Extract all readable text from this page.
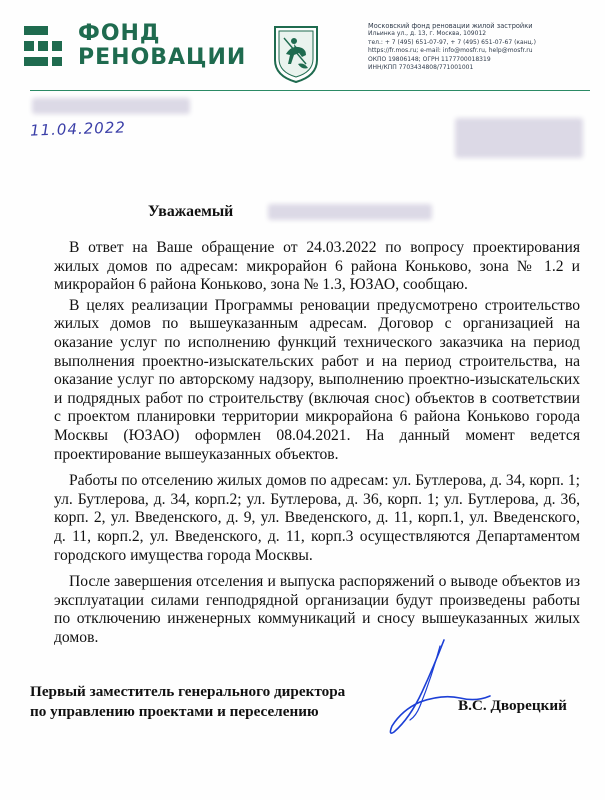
ФОНД
РЕНОВАЦИИ
Московский фонд реновации жилой застройки
Ильинка ул., д. 13, г. Москва, 109012
тел.: + 7 (495) 651-07-97, + 7 (495) 651-07-67 (канц.)
https://fr.mos.ru; e-mail: info@mosfr.ru, help@mosfr.ru
ОКПО 19806148; ОГРН 1177700018319
ИНН/КПП 7703434808/771001001
11.04.2022
Уважаемый

В ответ на Ваше обращение от 24.03.2022 по вопросу проектирования жилых домов по адресам: микрорайон 6 района Коньково, зона № 1.2 и микрорайон 6 района Коньково, зона № 1.3, ЮЗАО, сообщаю.

В целях реализации Программы реновации предусмотрено строительство жилых домов по вышеуказанным адресам. Договор с организацией на оказание услуг по исполнению функций технического заказчика на период выполнения проектно-изыскательских работ и на период строительства, на оказание услуг по авторскому надзору, выполнению проектно-изыскательских и подрядных работ по строительству (включая снос) объектов в соответствии с проектом планировки территории микрорайона 6 района Коньково города Москвы (ЮЗАО) оформлен 08.04.2021. На данный момент ведется проектирование вышеуказанных объектов.

Работы по отселению жилых домов по адресам: ул. Бутлерова, д. 34, корп. 1; ул. Бутлерова, д. 34, корп.2; ул. Бутлерова, д. 36, корп. 1; ул. Бутлерова, д. 36, корп. 2, ул. Введенского, д. 9, ул. Введенского, д. 11, корп.1, ул. Введенского, д. 11, корп.2, ул. Введенского, д. 11, корп.3 осуществляются Департаментом городского имущества города Москвы.

После завершения отселения и выпуска распоряжений о выводе объектов из эксплуатации силами генподрядной организации будут произведены работы по отключению инженерных коммуникаций и сносу вышеуказанных жилых домов.

Первый заместитель генерального директора
по управлению проектами и переселению	В.С. Дворецкий
